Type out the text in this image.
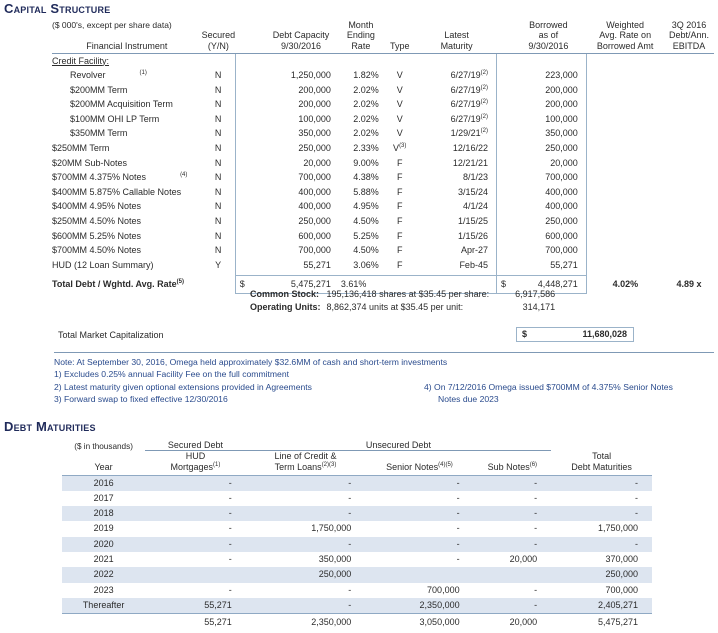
Capital Structure
($ 000's, except per share data)				Month				Borrowed	Weighted	3Q 2016
	Secured		Debt Capacity	Ending		Latest		as of	Avg. Rate on	Debt/Ann.
Financial Instrument	(Y/N)		9/30/2016	Rate	Type	Maturity		9/30/2016	Borrowed Amt	EBITDA

Credit Facility:										
Revolver $^{(1)}$	N		1,250,000	1.82%	V	6/27/19$^{(2)}$		223,000		
$200MM Term	N		200,000	2.02%	V	6/27/19$^{(2)}$		200,000		
$200MM Acquisition Term	N		200,000	2.02%	V	6/27/19$^{(2)}$		200,000		
$100MM OHI LP Term	N		100,000	2.02%	V	6/27/19$^{(2)}$		100,000		
$350MM Term	N		350,000	2.02%	V	1/29/21$^{(2)}$		350,000		
$250MM Term	N		250,000	2.33%	$V^{(3)}$	12/16/22		250,000		
$20MM Sub-Notes	N		20,000	9.00%	F	12/21/21		20,000		
$700MM 4.375% Notes $^{(4)}$	N		700,000	4.38%	F	8/1/23		700,000		
$400MM 5.875% Callable Notes	N		400,000	5.88%	F	3/15/24		400,000		
$400MM 4.95% Notes	N		400,000	4.95%	F	4/1/24		400,000		
$250MM 4.50% Notes	N		250,000	4.50%	F	1/15/25		250,000		
$600MM 5.25% Notes	N		600,000	5.25%	F	1/15/26		600,000		
$700MM 4.50% Notes	N		700,000	4.50%	F	Apr-27		700,000		
HUD (12 Loan Summary)	Y		55,271	3.06%	F	Feb-45		55,271		

Total Debt / Wghtd. Avg. Rate$^{(5)}$		$	5,475,271	3.61%			$	4,448,271	4.02%	4.89 x
Common Stock:	195,136,418 shares at $35.45 per share:	6,917,586
Operating Units:	8,862,374 units at $35.45 per unit:	314,171
Total Market Capitalization	$	11,680,028
Note: At September 30, 2016, Omega held approximately $32.6MM of cash and short-term investments
1) Excludes 0.25% annual Facility Fee on the full commitment
2) Latest maturity given optional extensions provided in Agreements
3) Forward swap to fixed effective 12/30/2016
4) On 7/12/2016 Omega issued $700MM of 4.375% Senior Notes
Notes due 2023
Debt Maturities
($ in thousands)	Secured Debt	Unsecured Debt			
	HUD	Line of Credit &			Total
Year	Mortgages$^{(1)}$	Term Loans$^{(2)(3)}$	Senior Notes$^{(4)(5)}$	Sub Notes$^{(6)}$	Debt Maturities

2016	-	-	-	-	-
2017	-	-	-	-	-
2018	-	-	-	-	-
2019	-	1,750,000	-	-	1,750,000
2020	-	-	-	-	-
2021	-	350,000	-	20,000	370,000
2022		250,000			250,000
2023	-	-	700,000	-	700,000
Thereafter	55,271	-	2,350,000	-	2,405,271
	55,271	2,350,000	3,050,000	20,000	5,475,271
